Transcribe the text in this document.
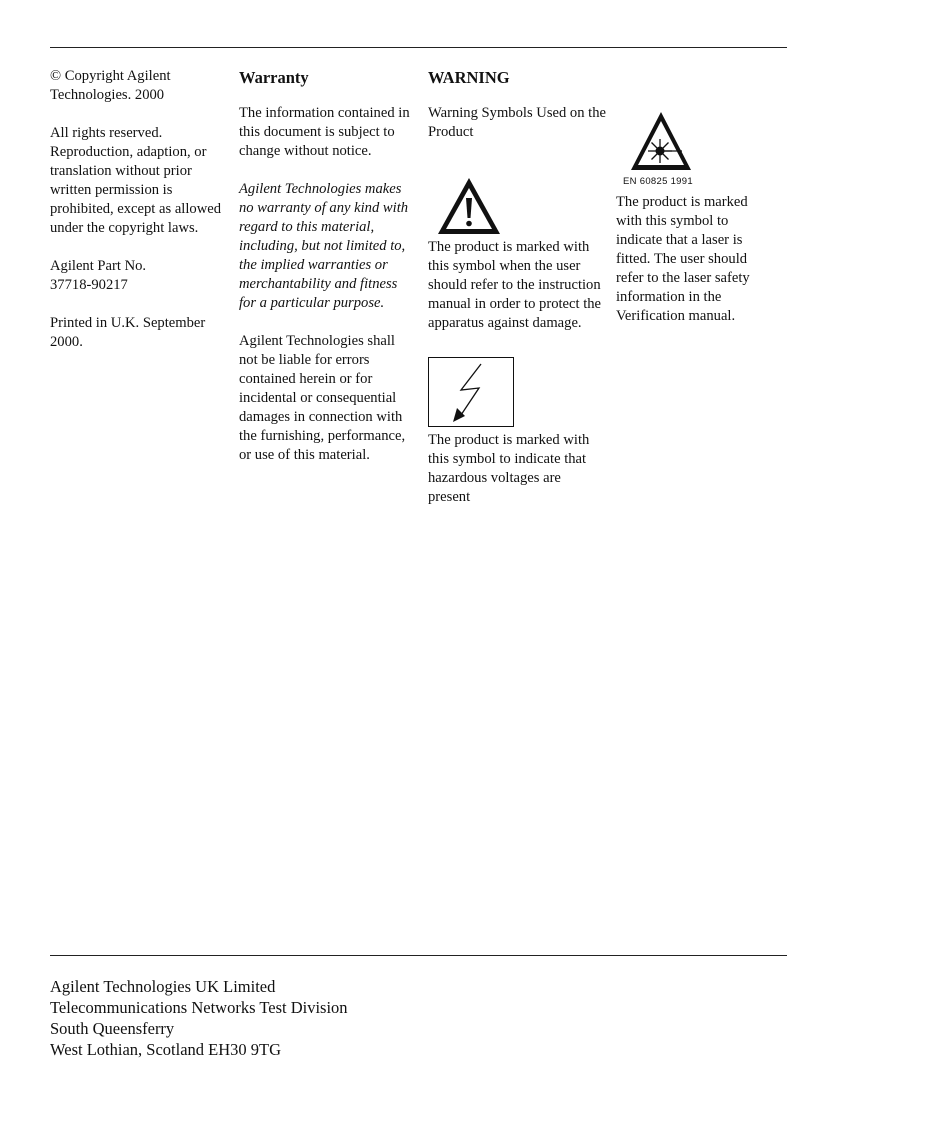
© Copyright Agilent Technologies. 2000

All rights reserved. Reproduction, adaption, or translation without prior written permission is prohibited, except as allowed under the copyright laws.

Agilent Part No.

37718-90217

Printed in U.K. September 2000.

Warranty

The information contained in this document is subject to change without notice.

Agilent Technologies makes no warranty of any kind with regard to this material, including, but not limited to, the implied warranties or merchantability and fitness for a particular purpose.

Agilent Technologies shall not be liable for errors contained herein or for incidental or consequential damages in connection with the furnishing, performance, or use of this material.

WARNING

Warning Symbols Used on the Product

The product is marked with this symbol when the user should refer to the instruction manual in order to protect the apparatus against damage.

The product is marked with this symbol to indicate that hazardous voltages are present

EN 60825 1991

The product is marked with this symbol to indicate that a laser is fitted. The user should refer to the laser safety information in the Verification manual.

Agilent Technologies UK Limited

Telecommunications Networks Test Division

South Queensferry

West Lothian, Scotland EH30 9TG
